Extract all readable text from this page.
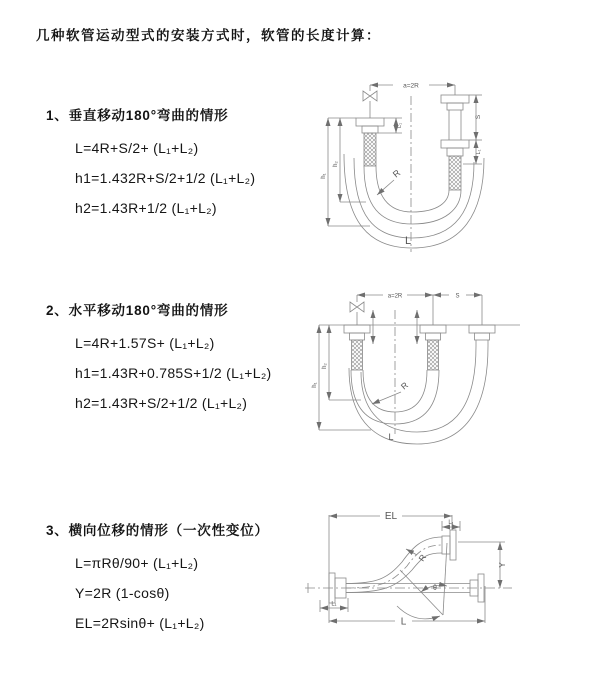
几种软管运动型式的安装方式时，软管的长度计算：
1、垂直移动180°弯曲的情形
L=4R+S/2+ (L₁+L₂)
h1=1.432R+S/2+1/2 (L₁+L₂)
h2=1.43R+1/2 (L₁+L₂)
2、水平移动180°弯曲的情形
L=4R+1.57S+ (L₁+L₂)
h1=1.43R+0.785S+1/2 (L₁+L₂)
h2=1.43R+S/2+1/2 (L₁+L₂)
3、横向位移的情形（一次性变位）
L=πRθ/90+ (L₁+L₂)
Y=2R (1-cosθ)
EL=2Rsinθ+ (L₁+L₂)
a=2R
h₁
h₂
L₁
S
L₁
R
L
a=2R	S
h₁
h₂
R
L
EL
L₁
Y
R
θ
L₁
L
